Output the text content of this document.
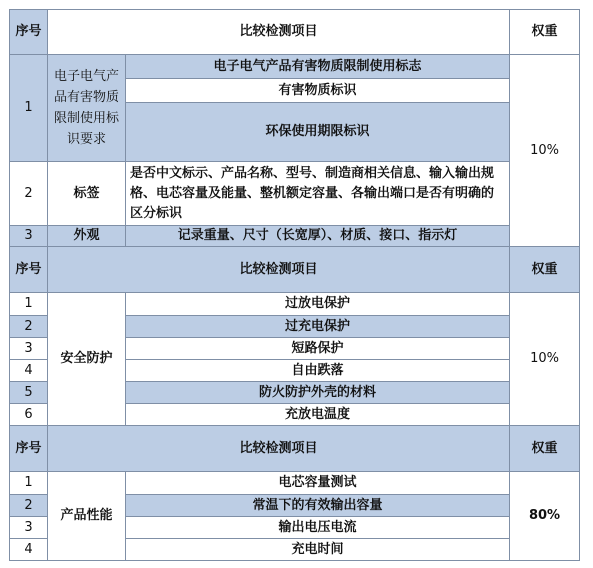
序号	比较检测项目		权重
1	电子电气产品有害物质限制使用标识要求	电子电气产品有害物质限制使用标志	10%
		有害物质标识	
		环保使用期限标识	
2	标签	是否中文标示、产品名称、型号、制造商相关信息、输入输出规格、电芯容量及能量、整机额定容量、各输出端口是否有明确的区分标识	
3	外观	记录重量、尺寸（长宽厚）、材质、接口、指示灯	
序号	比较检测项目		权重
1	安全防护	过放电保护	10%
2		过充电保护	
3		短路保护	
4		自由跌落	
5		防火防护外壳的材料	
6		充放电温度	
序号	比较检测项目		权重
1	产品性能	电芯容量测试	80%
2		常温下的有效输出容量	
3		输出电压电流	
4		充电时间	
